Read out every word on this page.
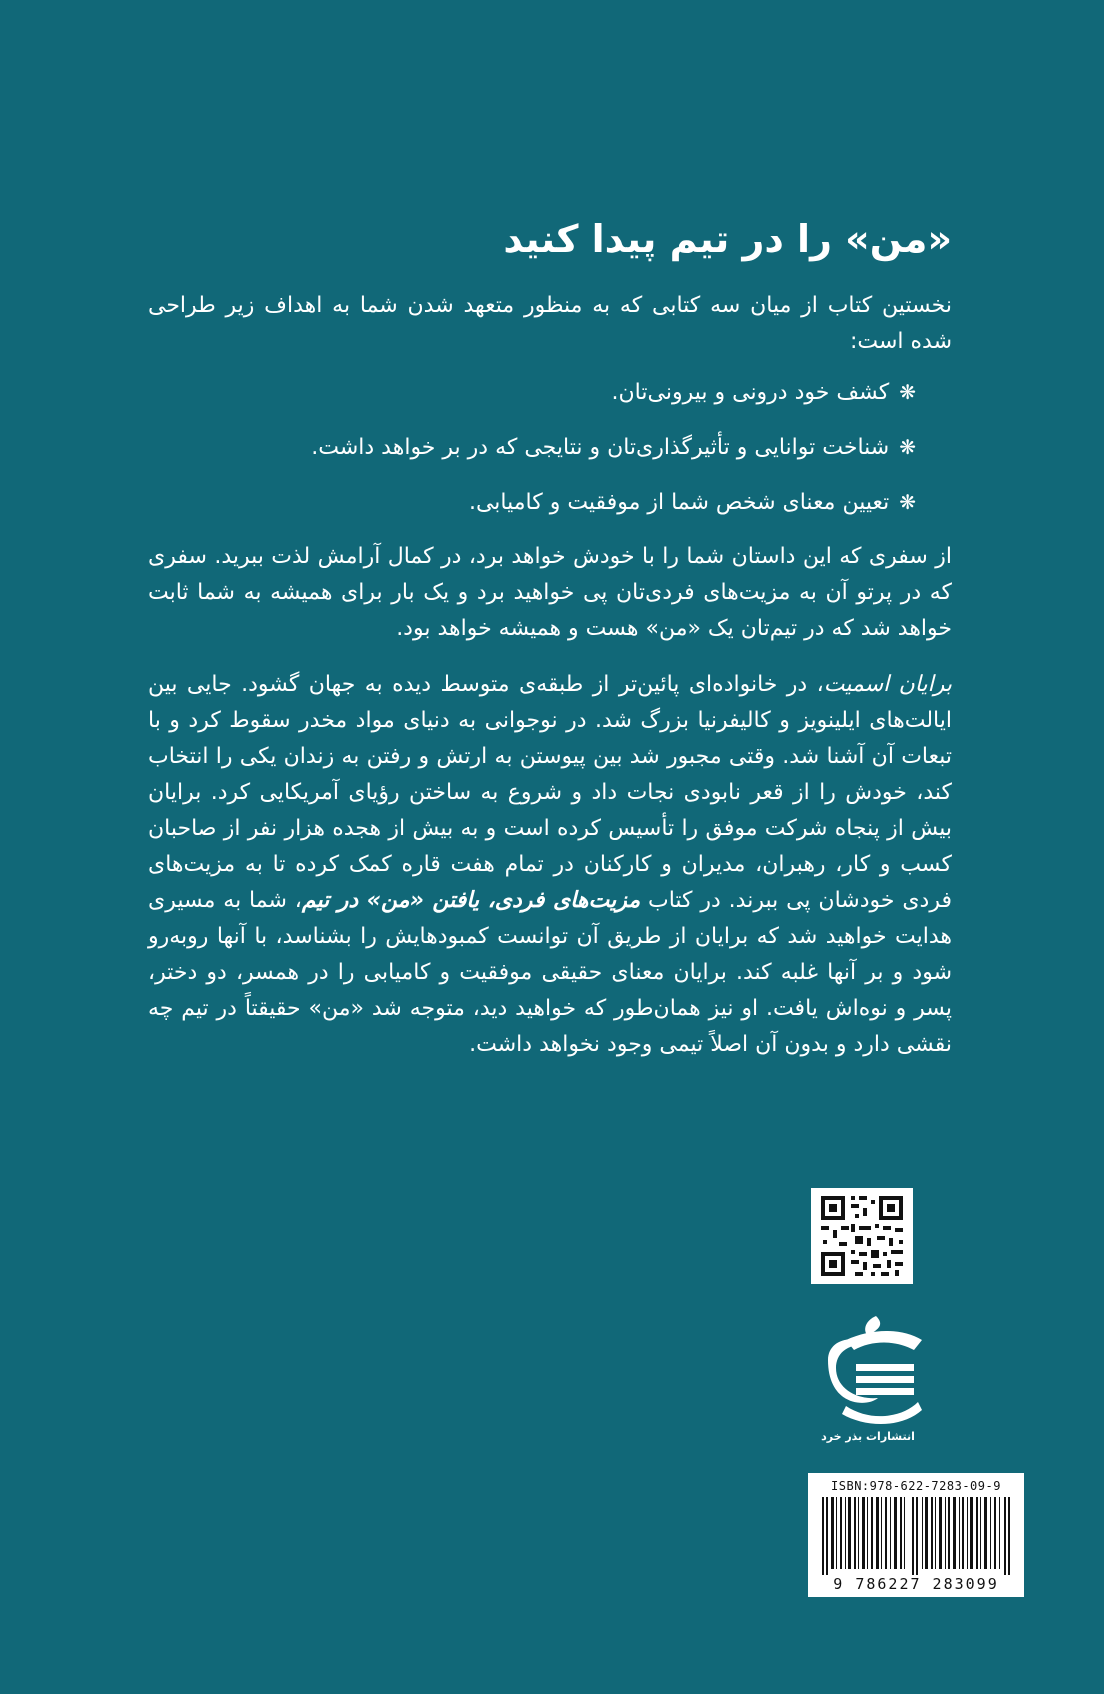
«من» را در تیم پیدا کنید

نخستین کتاب از میان سه کتابی که به منظور متعهد شدن شما به اهداف زیر طراحی شده است:

❋کشف خود درونی و بیرونی‌تان.
❋شناخت توانایی و تأثیرگذاری‌تان و نتایجی که در بر خواهد داشت.
❋تعیین معنای شخص شما از موفقیت و کامیابی.

از سفری که این داستان شما را با خودش خواهد برد، در کمال آرامش لذت ببرید. سفری که در پرتو آن به مزیت‌های فردی‌تان پی خواهید برد و یک بار برای همیشه به شما ثابت خواهد شد که در تیم‌تان یک «من» هست و همیشه خواهد بود.

برایان اسمیت، در خانواده‌ای پائین‌تر از طبقه‌ی متوسط دیده به جهان گشود. جایی بین ایالت‌های ایلینویز و کالیفرنیا بزرگ شد. در نوجوانی به دنیای مواد مخدر سقوط کرد و با تبعات آن آشنا شد. وقتی مجبور شد بین پیوستن به ارتش و رفتن به زندان یکی را انتخاب کند، خودش را از قعر نابودی نجات داد و شروع به ساختن رؤیای آمریکایی کرد. برایان بیش از پنجاه شرکت موفق را تأسیس کرده است و به بیش از هجده هزار نفر از صاحبان کسب و کار، رهبران، مدیران و کارکنان در تمام هفت قاره کمک کرده تا به مزیت‌های فردی خودشان پی ببرند. در کتاب مزیت‌های فردی، یافتن «من» در تیم، شما به مسیری هدایت خواهید شد که برایان از طریق آن توانست کمبودهایش را بشناسد، با آنها روبه‌رو شود و بر آنها غلبه کند. برایان معنای حقیقی موفقیت و کامیابی را در همسر، دو دختر، پسر و نوه‌اش یافت. او نیز همان‌طور که خواهید دید، متوجه شد «من» حقیقتاً در تیم چه نقشی دارد و بدون آن اصلاً تیمی وجود نخواهد داشت.

انتشارات بذر خرد
ISBN:978-622-7283-09-9
9 786227 283099
